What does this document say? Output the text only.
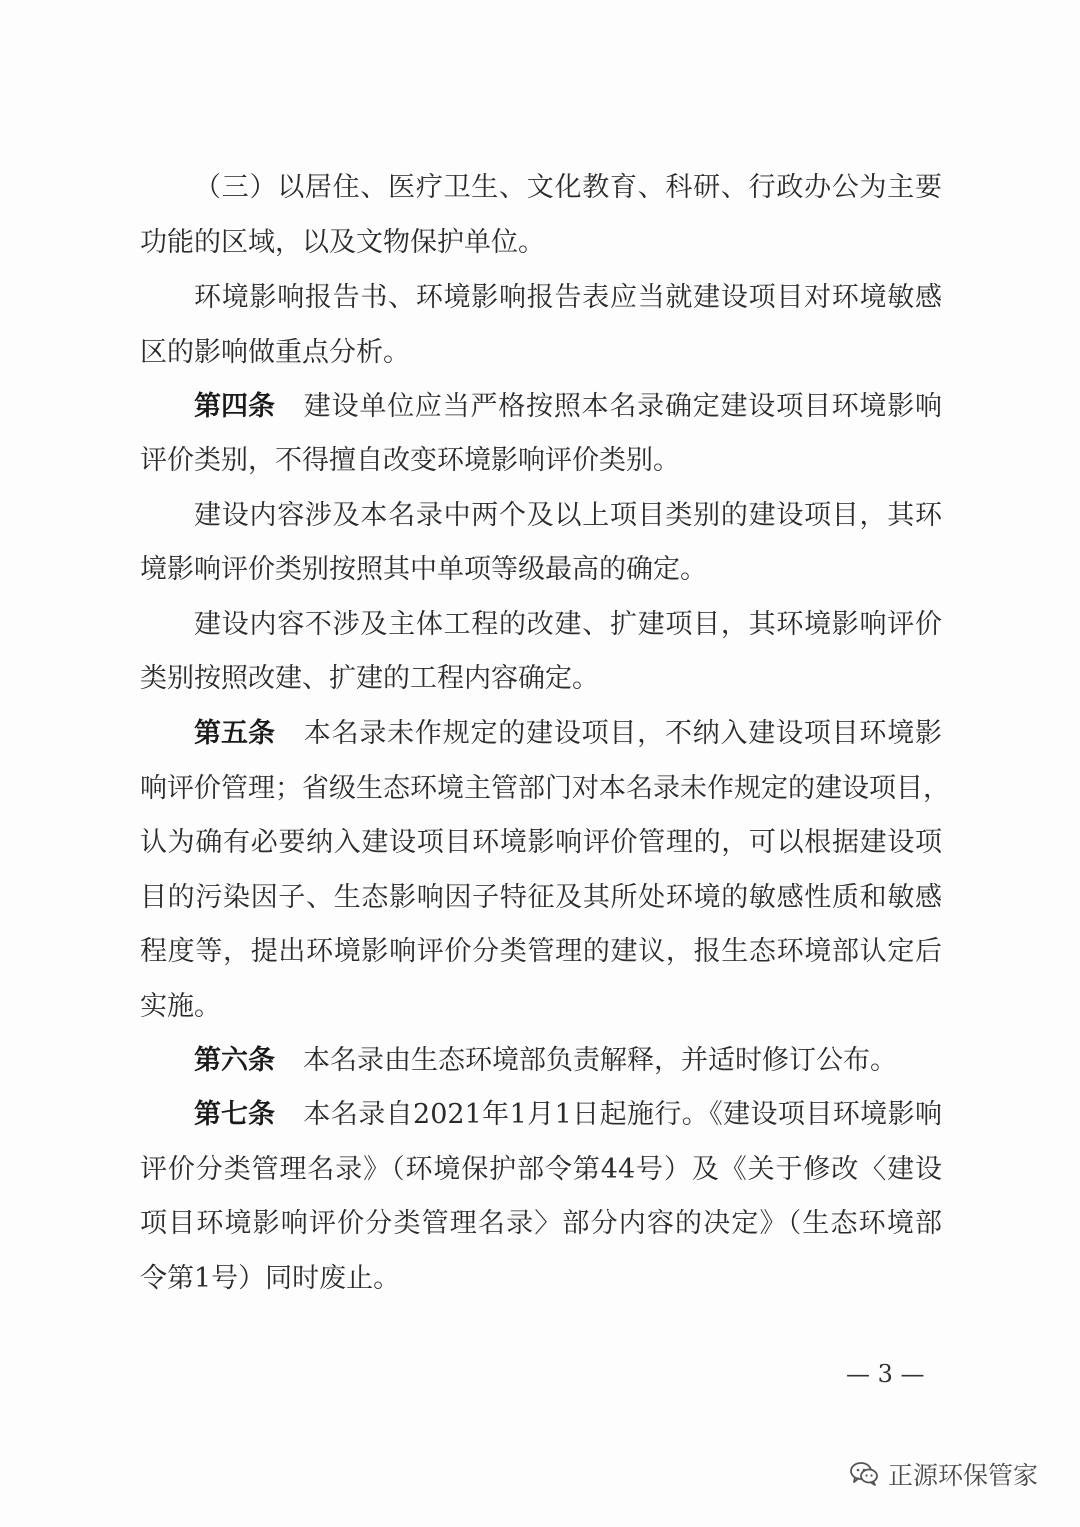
（三）以居住、医疗卫生、文化教育、科研、行政办公为主要

功能的区域，以及文物保护单位。

环境影响报告书、环境影响报告表应当就建设项目对环境敏感

区的影响做重点分析。

第四条 建设单位应当严格按照本名录确定建设项目环境影响

评价类别，不得擅自改变环境影响评价类别。

建设内容涉及本名录中两个及以上项目类别的建设项目，其环

境影响评价类别按照其中单项等级最高的确定。

建设内容不涉及主体工程的改建、扩建项目，其环境影响评价

类别按照改建、扩建的工程内容确定。

第五条 本名录未作规定的建设项目，不纳入建设项目环境影

响评价管理；省级生态环境主管部门对本名录未作规定的建设项目，

认为确有必要纳入建设项目环境影响评价管理的，可以根据建设项

目的污染因子、生态影响因子特征及其所处环境的敏感性质和敏感

程度等，提出环境影响评价分类管理的建议，报生态环境部认定后

实施。

第六条 本名录由生态环境部负责解释，并适时修订公布。

第七条 本名录自2021年1月1日起施行。《建设项目环境影响

评价分类管理名录》（环境保护部令第44号）及《关于修改〈建设

项目环境影响评价分类管理名录〉部分内容的决定》（生态环境部

令第1号）同时废止。

— 3 —
正源环保管家
